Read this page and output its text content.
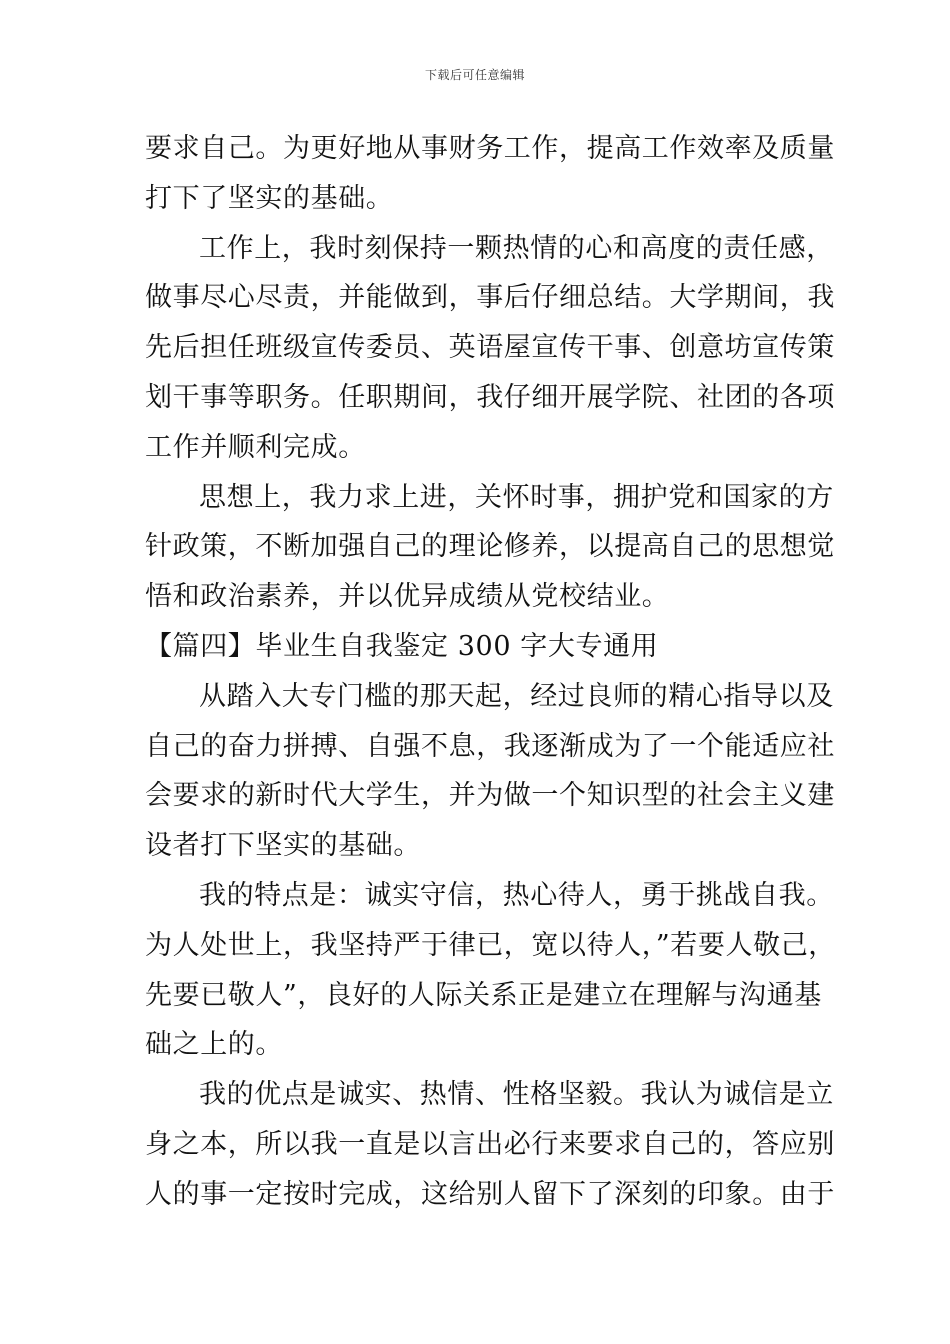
下载后可任意编辑
要求自己。为更好地从事财务工作，提高工作效率及质量
打下了坚实的基础。
工作上，我时刻保持一颗热情的心和高度的责任感，
做事尽心尽责，并能做到，事后仔细总结。大学期间，我
先后担任班级宣传委员、英语屋宣传干事、创意坊宣传策
划干事等职务。任职期间，我仔细开展学院、社团的各项
工作并顺利完成。
思想上，我力求上进，关怀时事，拥护党和国家的方
针政策，不断加强自己的理论修养，以提高自己的思想觉
悟和政治素养，并以优异成绩从党校结业。
【篇四】毕业生自我鉴定 300 字大专通用
从踏入大专门槛的那天起，经过良师的精心指导以及
自己的奋力拼搏、自强不息，我逐渐成为了一个能适应社
会要求的新时代大学生，并为做一个知识型的社会主义建
设者打下坚实的基础。
我的特点是：诚实守信，热心待人，勇于挑战自我。
为人处世上，我坚持严于律已，宽以待人，”若要人敬己，
先要已敬人”，良好的人际关系正是建立在理解与沟通基
础之上的。
我的优点是诚实、热情、性格坚毅。我认为诚信是立
身之本，所以我一直是以言出必行来要求自己的，答应别
人的事一定按时完成，这给别人留下了深刻的印象。由于
